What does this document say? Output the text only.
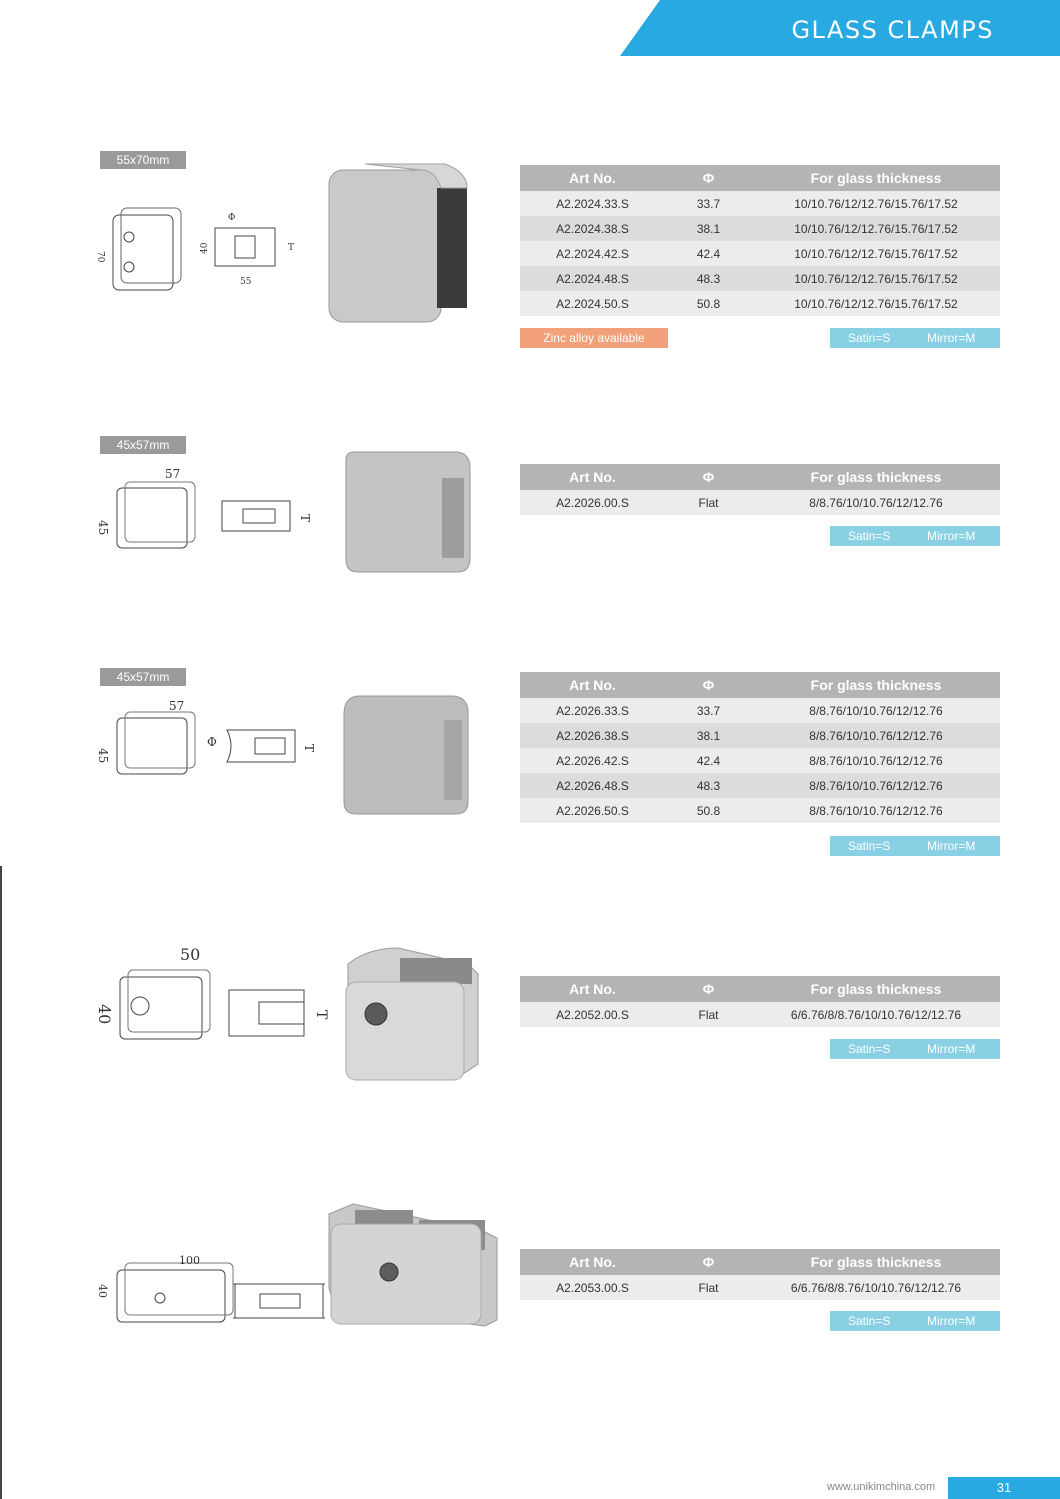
GLASS CLAMPS
55x70mm
70
40
55
Φ
T
Art No.	Φ	For glass thickness
A2.2024.33.S	33.7	10/10.76/12/12.76/15.76/17.52
A2.2024.38.S	38.1	10/10.76/12/12.76/15.76/17.52
A2.2024.42.S	42.4	10/10.76/12/12.76/15.76/17.52
A2.2024.48.S	48.3	10/10.76/12/12.76/15.76/17.52
A2.2024.50.S	50.8	10/10.76/12/12.76/15.76/17.52
Zinc alloy available	Satin=S	Mirror=M
45x57mm
57
45
T
Art No.	Φ	For glass thickness
A2.2026.00.S	Flat	8/8.76/10/10.76/12/12.76
Satin=S	Mirror=M
45x57mm
57
45
Φ	T
Art No.	Φ	For glass thickness
A2.2026.33.S	33.7	8/8.76/10/10.76/12/12.76
A2.2026.38.S	38.1	8/8.76/10/10.76/12/12.76
A2.2026.42.S	42.4	8/8.76/10/10.76/12/12.76
A2.2026.48.S	48.3	8/8.76/10/10.76/12/12.76
A2.2026.50.S	50.8	8/8.76/10/10.76/12/12.76
Satin=S	Mirror=M
50
40	T
Art No.	Φ	For glass thickness
A2.2052.00.S	Flat	6/6.76/8/8.76/10/10.76/12/12.76
Satin=S	Mirror=M
100
40
Art No.	Φ	For glass thickness
A2.2053.00.S	Flat	6/6.76/8/8.76/10/10.76/12/12.76
Satin=S	Mirror=M
www.unikimchina.com	31
